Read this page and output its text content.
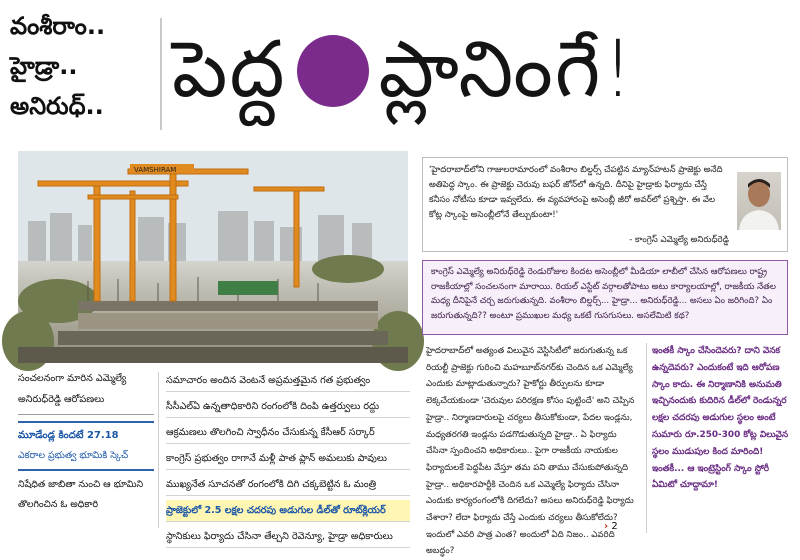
వంశీరాం..
హైడ్రా..
అనిరుధ్.. పెద్ద ప్లానింగే!
VAMSHIRAM	'హైదరాబాద్‌లోని గాజులరామారంలో వంశీరాం బిల్డర్స్ చేపట్టిన మ్యాన్‌హటన్ ప్రాజెక్టు అనేది అతిపెద్ద స్కాం. ఈ ప్రాజెక్టు చెరువు బఫర్ జోన్‌లో ఉన్నది. దీనిపై హైడ్రాకు ఫిర్యాదు చేస్తే కనీసం నోటీసు కూడా ఇవ్వలేదు. ఈ వ్యవహారంపై అసెంబ్లీ జీరో అవర్‌లో ప్రశ్నిస్తా. ఈ వేల కోట్ల స్కాంపై అసెంబ్లీలోనే తేల్చుకుంటా!'

- కాంగ్రెస్ ఎమ్మెల్యే అనిరుధ్‌రెడ్డి

కాంగ్రెస్ ఎమ్మెల్యే అనిరుధ్‌రెడ్డి రెండురోజుల కిందట అసెంబ్లీలో మీడియా లాబీలో చేసిన ఆరోపణలు రాష్ట్ర రాజకీయాల్లో సంచలనంగా మారాయి. రియల్ ఎస్టేట్ వర్గాలతోపాటు అటు కార్యాలయాల్లో, రాజకీయ నేతల మధ్య దీనిపైనే చర్చ జరుగుతున్నది. వంశీరాం బిల్డర్స్... హైడ్రా... అనిరుధ్‌రెడ్డి... అసలు ఏం జరిగింది? ఏం జరుగుతున్నది?? అంటూ ప్రముఖుల మధ్య ఒకటే గుసగుసలు. అసలేమిటి కథ?

సంచలనంగా మారిన ఎమ్మెల్యే అనిరుధ్‌రెడ్డి ఆరోపణలు

మూడేండ్ల కిందటే 27.18
ఎకరాల ప్రభుత్వ భూమికి స్కెచ్

నిషేధిత జాబితా నుంచి ఆ భూమిని తొలగించిన ఓ అధికారి

సమాచారం అందిన వెంటనే అప్రమత్తమైన గత ప్రభుత్వం
సీసీఎల్‌ఏ ఉన్నతాధికారిని రంగంలోకి దింపి ఉత్తర్వులు రద్దు
ఆక్రమణలు తొలగించి స్వాధీనం చేసుకున్న కేసీఆర్ సర్కార్
కాంగ్రెస్ ప్రభుత్వం రాగానే మళ్లీ పాత ప్లాన్ అమలుకు పావులు
ముఖ్యనేత సూచనతో రంగంలోకి దిగి చక్కబెట్టిన ఓ మంత్రి
ప్రాజెక్టులో 2.5 లక్షల చదరపు అడుగుల డీల్‌తో రూట్‌క్లియర్
స్థానికులు ఫిర్యాదు చేసినా తేల్చని రెవెన్యూ, హైడ్రా అధికారులు

హైదరాబాద్‌లో అత్యంత విలువైన వెస్టిసిటీలో జరుగుతున్న ఒక రియల్టీ ప్రాజెక్టు గురించి మహబూబ్‌నగర్‌కు చెందిన ఒక ఎమ్మెల్యే ఎందుకు మాట్లాడుతున్నారు? హైకోర్టు తీర్పులను కూడా లెక్కచేయకుండా 'చెరువుల పరిరక్షణ కోసం పుట్టిందే' అని చెప్పిన హైడ్రా.. నిర్మాణదారులపై చర్యలు తీసుకోకుండా, పేదల ఇండ్లను, మధ్యతరగతి ఇండ్లను పడగొడుతున్నది హైడ్రా.. ఏ ఫిర్యాదు చేసినా స్పందించని అధికారులు.. పైగా రాజకీయ నాయకుల ఫిర్యాదులకే పెద్దపీట వేస్తూ తమ పని తాము చేసుకుపోతున్నది హైడ్రా.. అధికారపార్టీకి చెందిన ఒక ఎమ్మెల్యే ఫిర్యాదు చేసినా ఎందుకు కార్యరంగంలోకి దిగలేదు? అసలు అనిరుధ్‌రెడ్డి ఫిర్యాదు చేశారా? లేదా ఫిర్యాదు చేస్తే ఎందుకు చర్యలు తీసుకోలేదు? ఇందులో ఎవరి పాత్ర ఎంత? అందులో ఏది నిజం.. ఎవరిది అబద్ధం?

› 2

ఇంతకీ స్కాం చేసిందెవరు? దాని వెనక ఉన్నదెవరు? ఎందుకంటే ఇది ఆరోపణ స్కాం కాదు. ఈ నిర్మాణానికి అనుమతి ఇచ్చినందుకు కుదిరిన డీల్‌లో రెండున్నర లక్షల చదరపు అడుగుల స్థలం అంటే సుమారు రూ.250-300 కోట్ల విలువైన స్థలం ముడుపుల కింద మారింది! ఇంతకీ... ఆ ఇంట్రెస్టింగ్ స్కాం స్టోరీ ఏమిటో చూద్దామా!
